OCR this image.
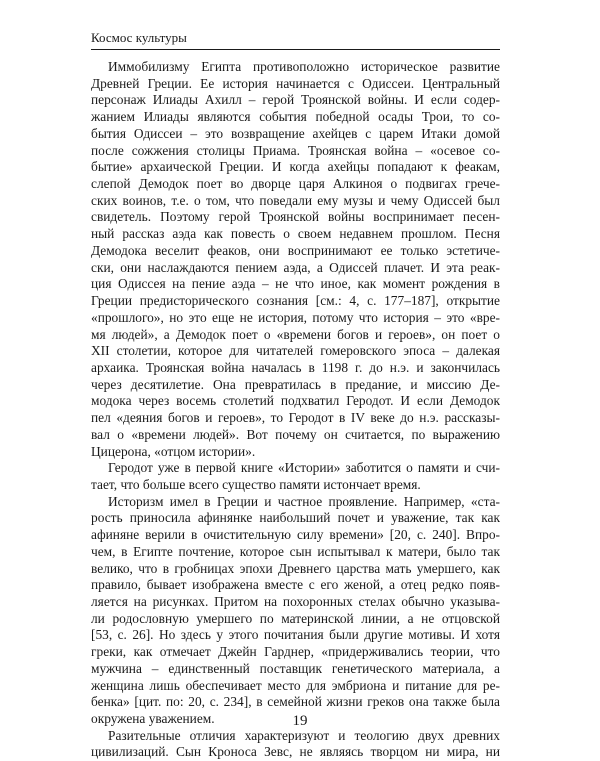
Космос культуры
Иммобилизму Египта противоположно историческое развитие
Древней Греции. Ее история начинается с Одиссеи. Центральный
персонаж Илиады Ахилл – герой Троянской войны. И если содер-
жанием Илиады являются события победной осады Трои, то со-
бытия Одиссеи – это возвращение ахейцев с царем Итаки домой
после сожжения столицы Приама. Троянская война – «осевое со-
бытие» архаической Греции. И когда ахейцы попадают к феакам,
слепой Демодок поет во дворце царя Алкиноя о подвигах грече-
ских воинов, т.е. о том, что поведали ему музы и чему Одиссей был
свидетель. Поэтому герой Троянской войны воспринимает песен-
ный рассказ аэда как повесть о своем недавнем прошлом. Песня
Демодока веселит феаков, они воспринимают ее только эстетиче-
ски, они наслаждаются пением аэда, а Одиссей плачет. И эта реак-
ция Одиссея на пение аэда – не что иное, как момент рождения в
Греции предисторического сознания [см.: 4, с. 177–187], открытие
«прошлого», но это еще не история, потому что история – это «вре-
мя людей», а Демодок поет о «времени богов и героев», он поет о
XII столетии, которое для читателей гомеровского эпоса – далекая
архаика. Троянская война началась в 1198 г. до н.э. и закончилась
через десятилетие. Она превратилась в предание, и миссию Де-
модока через восемь столетий подхватил Геродот. И если Демодок
пел «деяния богов и героев», то Геродот в IV веке до н.э. рассказы-
вал о «времени людей». Вот почему он считается, по выражению
Цицерона, «отцом истории».
Геродот уже в первой книге «Истории» заботится о памяти и счи-
тает, что больше всего существо памяти истончает время.
Историзм имел в Греции и частное проявление. Например, «ста-
рость приносила афинянке наибольший почет и уважение, так как
афиняне верили в очистительную силу времени» [20, с. 240]. Впро-
чем, в Египте почтение, которое сын испытывал к матери, было так
велико, что в гробницах эпохи Древнего царства мать умершего, как
правило, бывает изображена вместе с его женой, а отец редко появ-
ляется на рисунках. Притом на похоронных стелах обычно указыва-
ли родословную умершего по материнской линии, а не отцовской
[53, с. 26]. Но здесь у этого почитания были другие мотивы. И хотя
греки, как отмечает Джейн Гарднер, «придерживались теории, что
мужчина – единственный поставщик генетического материала, а
женщина лишь обеспечивает место для эмбриона и питание для ре-
бенка» [цит. по: 20, с. 234], в семейной жизни греков она также была
окружена уважением.
Разительные отличия характеризуют и теологию двух древних
цивилизаций. Сын Кроноса Зевс, не являясь творцом ни мира, ни
19
